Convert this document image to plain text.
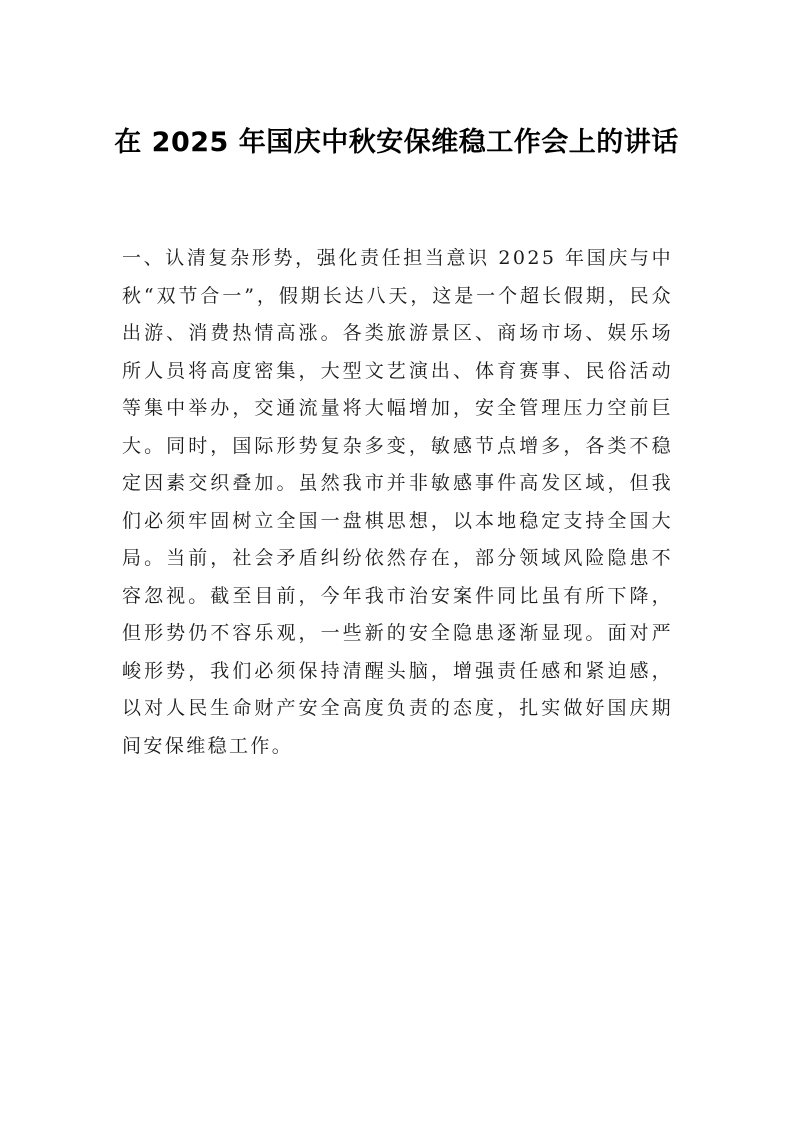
在 2025 年国庆中秋安保维稳工作会上的讲话

一、认清复杂形势，强化责任担当意识 2025 年国庆与中秋“双节合一”，假期长达八天，这是一个超长假期，民众出游、消费热情高涨。各类旅游景区、商场市场、娱乐场所人员将高度密集，大型文艺演出、体育赛事、民俗活动等集中举办，交通流量将大幅增加，安全管理压力空前巨大。同时，国际形势复杂多变，敏感节点增多，各类不稳定因素交织叠加。虽然我市并非敏感事件高发区域，但我们必须牢固树立全国一盘棋思想，以本地稳定支持全国大局。当前，社会矛盾纠纷依然存在，部分领域风险隐患不容忽视。截至目前，今年我市治安案件同比虽有所下降，但形势仍不容乐观，一些新的安全隐患逐渐显现。面对严峻形势，我们必须保持清醒头脑，增强责任感和紧迫感，以对人民生命财产安全高度负责的态度，扎实做好国庆期间安保维稳工作。
